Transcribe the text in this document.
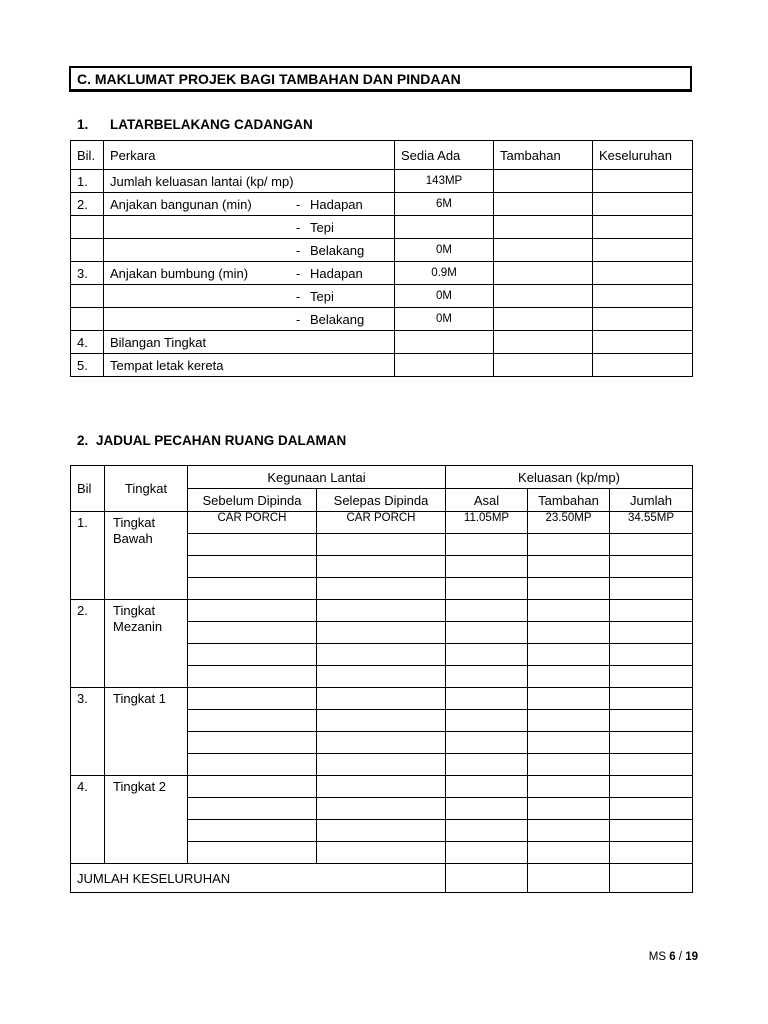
C. MAKLUMAT PROJEK BAGI TAMBAHAN DAN PINDAAN
1. LATARBELAKANG CADANGAN
Bil.	Perkara	Sedia Ada	Tambahan	Keseluruhan
1.	Jumlah keluasan lantai (kp/ mp)	143MP		
2.	Anjakan bangunan (min) - Hadapan	6M		
	- Tepi			
	- Belakang	0M		
3.	Anjakan bumbung (min) - Hadapan	0.9M		
	- Tepi	0M		
	- Belakang	0M		
4.	Bilangan Tingkat			
5.	Tempat letak kereta			
2. JADUAL PECAHAN RUANG DALAMAN
Bil	Tingkat	Kegunaan Lantai		Keluasan (kp/mp)		
		Sebelum Dipinda	Selepas Dipinda	Asal	Tambahan	Jumlah
1.	Tingkat Bawah	CAR PORCH	CAR PORCH	11.05MP	23.50MP	34.55MP

2.	Tingkat Mezanin					

3.	Tingkat 1					

4.	Tingkat 2					

JUMLAH KESELURUHAN						
MS 6 / 19
